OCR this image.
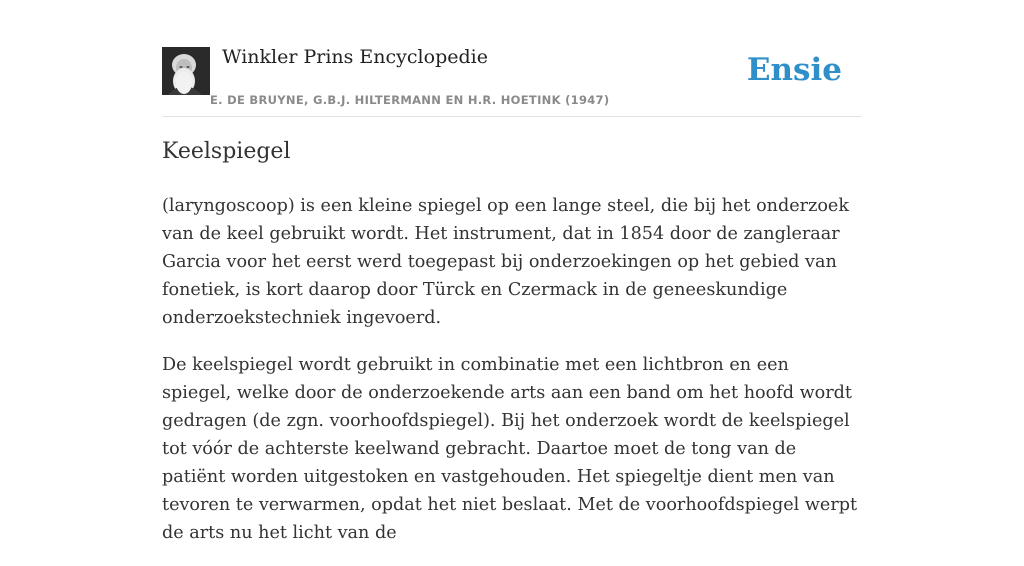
Winkler Prins Encyclopedie
E. DE BRUYNE, G.B.J. HILTERMANN EN H.R. HOETINK (1947)
Ensie
Keelspiegel

(laryngoscoop) is een kleine spiegel op een lange steel, die bij het onderzoek van de keel gebruikt wordt. Het instrument, dat in 1854 door de zangleraar Garcia voor het eerst werd toegepast bij onderzoekingen op het gebied van fonetiek, is kort daarop door Türck en Czermack in de geneeskundige onderzoekstechniek ingevoerd.

De keelspiegel wordt gebruikt in combinatie met een lichtbron en een spiegel, welke door de onderzoekende arts aan een band om het hoofd wordt gedragen (de zgn. voorhoofdspiegel). Bij het onderzoek wordt de keelspiegel tot vóór de achterste keelwand gebracht. Daartoe moet de tong van de patiënt worden uitgestoken en vastgehouden. Het spiegeltje dient men van tevoren te verwarmen, opdat het niet beslaat. Met de voorhoofdspiegel werpt de arts nu het licht van de
